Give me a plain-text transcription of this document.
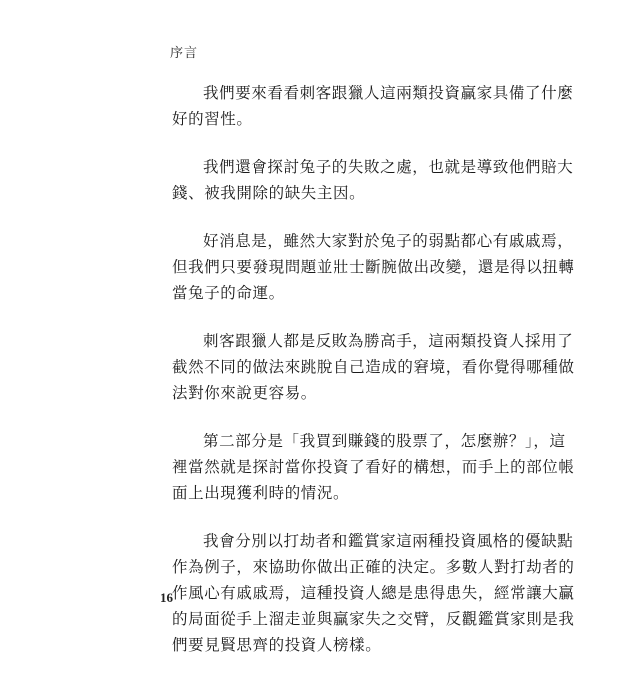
序言

我們要來看看刺客跟獵人這兩類投資贏家具備了什麼
好的習性。

我們還會探討兔子的失敗之處，也就是導致他們賠大
錢、被我開除的缺失主因。

好消息是，雖然大家對於兔子的弱點都心有戚戚焉，
但我們只要發現問題並壯士斷腕做出改變，還是得以扭轉
當兔子的命運。

刺客跟獵人都是反敗為勝高手，這兩類投資人採用了
截然不同的做法來跳脫自己造成的窘境，看你覺得哪種做
法對你來說更容易。

第二部分是「我買到賺錢的股票了，怎麼辦？」，這
裡當然就是探討當你投資了看好的構想，而手上的部位帳
面上出現獲利時的情況。

我會分別以打劫者和鑑賞家這兩種投資風格的優缺點
作為例子，來協助你做出正確的決定。多數人對打劫者的
作風心有戚戚焉，這種投資人總是患得患失，經常讓大贏
的局面從手上溜走並與贏家失之交臂，反觀鑑賞家則是我
們要見賢思齊的投資人榜樣。

16
